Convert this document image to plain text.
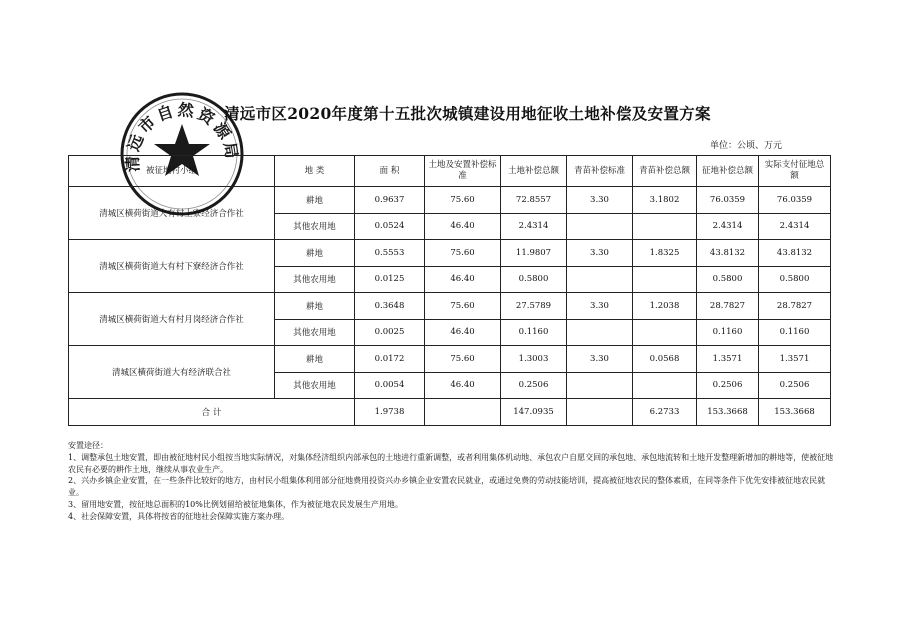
清远市自然资源局
清远市区2020年度第十五批次城镇建设用地征收土地补偿及安置方案
单位：公顷、万元
被征地村小组	地 类	面 积	土地及安置补偿标准	土地补偿总额	青苗补偿标准	青苗补偿总额	征地补偿总额	实际支付征地总额
清城区横荷街道大有村上寮经济合作社	耕地	0.9637	75.60	72.8557	3.30	3.1802	76.0359	76.0359
	其他农用地	0.0524	46.40	2.4314			2.4314	2.4314
清城区横荷街道大有村下寮经济合作社	耕地	0.5553	75.60	11.9807	3.30	1.8325	43.8132	43.8132
	其他农用地	0.0125	46.40	0.5800			0.5800	0.5800
清城区横荷街道大有村月岗经济合作社	耕地	0.3648	75.60	27.5789	3.30	1.2038	28.7827	28.7827
	其他农用地	0.0025	46.40	0.1160			0.1160	0.1160
清城区横荷街道大有经济联合社	耕地	0.0172	75.60	1.3003	3.30	0.0568	1.3571	1.3571
	其他农用地	0.0054	46.40	0.2506			0.2506	0.2506
合 计		1.9738		147.0935		6.2733	153.3668	153.3668

安置途径：

1、调整承包土地安置，即由被征地村民小组按当地实际情况，对集体经济组织内部承包的土地进行重新调整，或者利用集体机动地、承包农户自愿交回的承包地、承包地流转和土地开发整理新增加的耕地等，使被征地农民有必要的耕作土地，继续从事农业生产。

2、兴办乡镇企业安置，在一些条件比较好的地方，由村民小组集体利用部分征地费用投资兴办乡镇企业安置农民就业，或通过免费的劳动技能培训，提高被征地农民的整体素质，在同等条件下优先安排被征地农民就业。

3、留用地安置，按征地总面积的10%比例划留给被征地集体，作为被征地农民发展生产用地。

4、社会保障安置，具体将按省的征地社会保障实施方案办理。
